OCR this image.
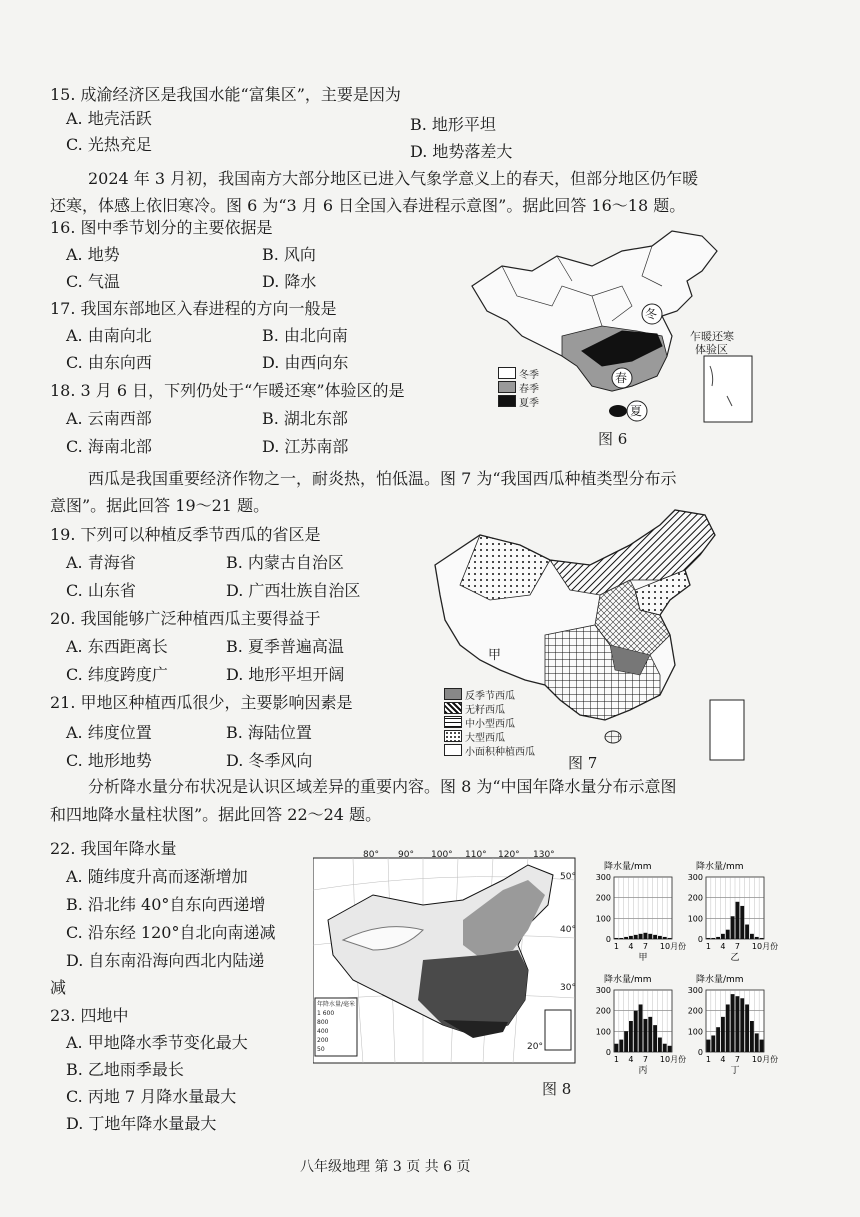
15. 成渝经济区是我国水能“富集区”，主要是因为
A. 地壳活跃	B. 地形平坦
C. 光热充足	D. 地势落差大
2024 年 3 月初，我国南方大部分地区已进入气象学意义上的春天，但部分地区仍乍暖
还寒，体感上依旧寒冷。图 6 为“3 月 6 日全国入春进程示意图”。据此回答 16～18 题。
16. 图中季节划分的主要依据是
A. 地势	B. 风向
C. 气温	D. 降水
17. 我国东部地区入春进程的方向一般是
A. 由南向北	B. 由北向南
C. 由东向西	D. 由西向东
18. 3 月 6 日，下列仍处于“乍暖还寒”体验区的是
A. 云南西部	B. 湖北东部
C. 海南北部	D. 江苏南部
冬
春
夏
乍暖还寒
体验区
冬季
春季
夏季
图 6
西瓜是我国重要经济作物之一，耐炎热，怕低温。图 7 为“我国西瓜种植类型分布示
意图”。据此回答 19～21 题。
19. 下列可以种植反季节西瓜的省区是
A. 青海省	B. 内蒙古自治区
C. 山东省	D. 广西壮族自治区
20. 我国能够广泛种植西瓜主要得益于
A. 东西距离长	B. 夏季普遍高温
C. 纬度跨度广	D. 地形平坦开阔
21. 甲地区种植西瓜很少，主要影响因素是
A. 纬度位置	B. 海陆位置
C. 地形地势	D. 冬季风向
甲
反季节西瓜
无籽西瓜
中小型西瓜
大型西瓜
小面积种植西瓜
图 7
分析降水量分布状况是认识区域差异的重要内容。图 8 为“中国年降水量分布示意图
和四地降水量柱状图”。据此回答 22～24 题。
22. 我国年降水量
A. 随纬度升高而逐渐增加
B. 沿北纬 40°自东向西递增
C. 沿东经 120°自北向南递减
D. 自东南沿海向西北内陆递
减
23. 四地中
A. 甲地降水季节变化最大
B. 乙地雨季最长
C. 丙地 7 月降水量最大
D. 丁地年降水量最大
80° 90° 100° 110° 120° 130°
50°
40°
30°
20°
年降水量/毫米
1 600
800
400
200
50
图 8
降水量/mm
0
100
200
300
1 4 7 10月份
甲
降水量/mm
0
100
200
300
1 4 7 10月份
乙
降水量/mm
0
100
200
300
1 4 7 10月份
丙
降水量/mm
0
100
200
300
1 4 7 10月份
丁
八年级地理 第 3 页 共 6 页
